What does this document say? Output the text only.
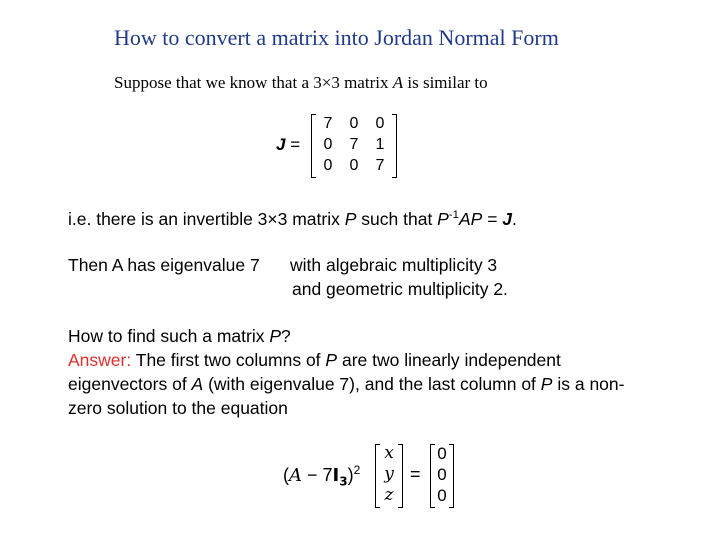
How to convert a matrix into Jordan Normal Form
Suppose that we know that a 3×3 matrix A is similar to
J =
7	0	0
0	7	1
0	0	7
i.e. there is an invertible 3×3 matrix P such that $P^{-1}AP = J$.
Then A has eigenvalue 7 with algebraic multiplicity 3
and geometric multiplicity 2.
How to find such a matrix P?
Answer: The first two columns of P are two linearly independent
eigenvectors of A (with eigenvalue 7), and the last column of P is a non-
zero solution to the equation
$(A - 7I_3)^2$
x
y
z
=
0
0
0
